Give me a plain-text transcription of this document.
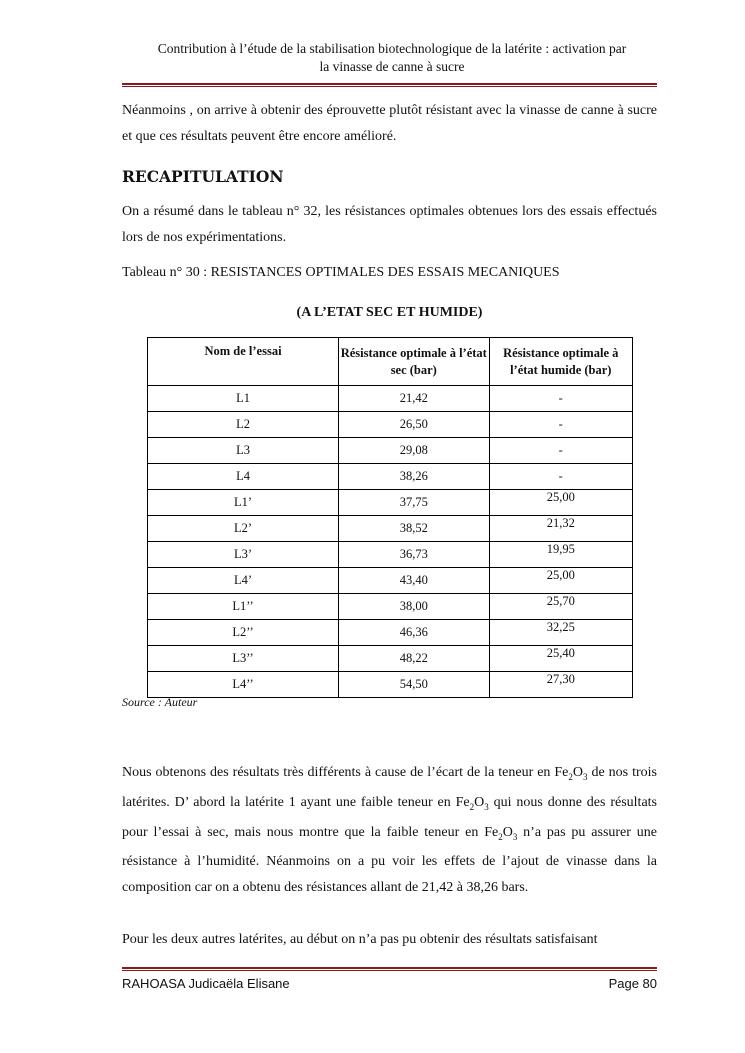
Contribution à l’étude de la stabilisation biotechnologique de la latérite : activation par
la vinasse de canne à sucre
Néanmoins , on arrive à obtenir des éprouvette plutôt résistant avec la vinasse de canne à sucre et que ces résultats peuvent être encore amélioré.
RECAPITULATION
On a résumé dans le tableau n° 32, les résistances optimales obtenues lors des essais effectués lors de nos expérimentations.
Tableau n° 30 : RESISTANCES OPTIMALES DES ESSAIS MECANIQUES
(A L’ETAT SEC ET HUMIDE)
Nom de l’essai	Résistance optimale à l’état sec (bar)	Résistance optimale à l’état humide (bar)
L1	21,42	-
L2	26,50	-
L3	29,08	-
L4	38,26	-
L1’	37,75	25,00
L2’	38,52	21,32
L3’	36,73	19,95
L4’	43,40	25,00
L1’’	38,00	25,70
L2’’	46,36	32,25
L3’’	48,22	25,40
L4’’	54,50	27,30
Source : Auteur
Nous obtenons des résultats très différents à cause de l’écart de la teneur en $Fe_2O_3$ de nos trois latérites. D’ abord la latérite 1 ayant une faible teneur en $Fe_2O_3$ qui nous donne des résultats pour l’essai à sec, mais nous montre que la faible teneur en $Fe_2O_3$ n’a pas pu assurer une résistance à l’humidité. Néanmoins on a pu voir les effets de l’ajout de vinasse dans la composition car on a obtenu des résistances allant de 21,42 à 38,26 bars.
Pour les deux autres latérites, au début on n’a pas pu obtenir des résultats satisfaisant
RAHOASA Judicaëla Elisane	Page 80
